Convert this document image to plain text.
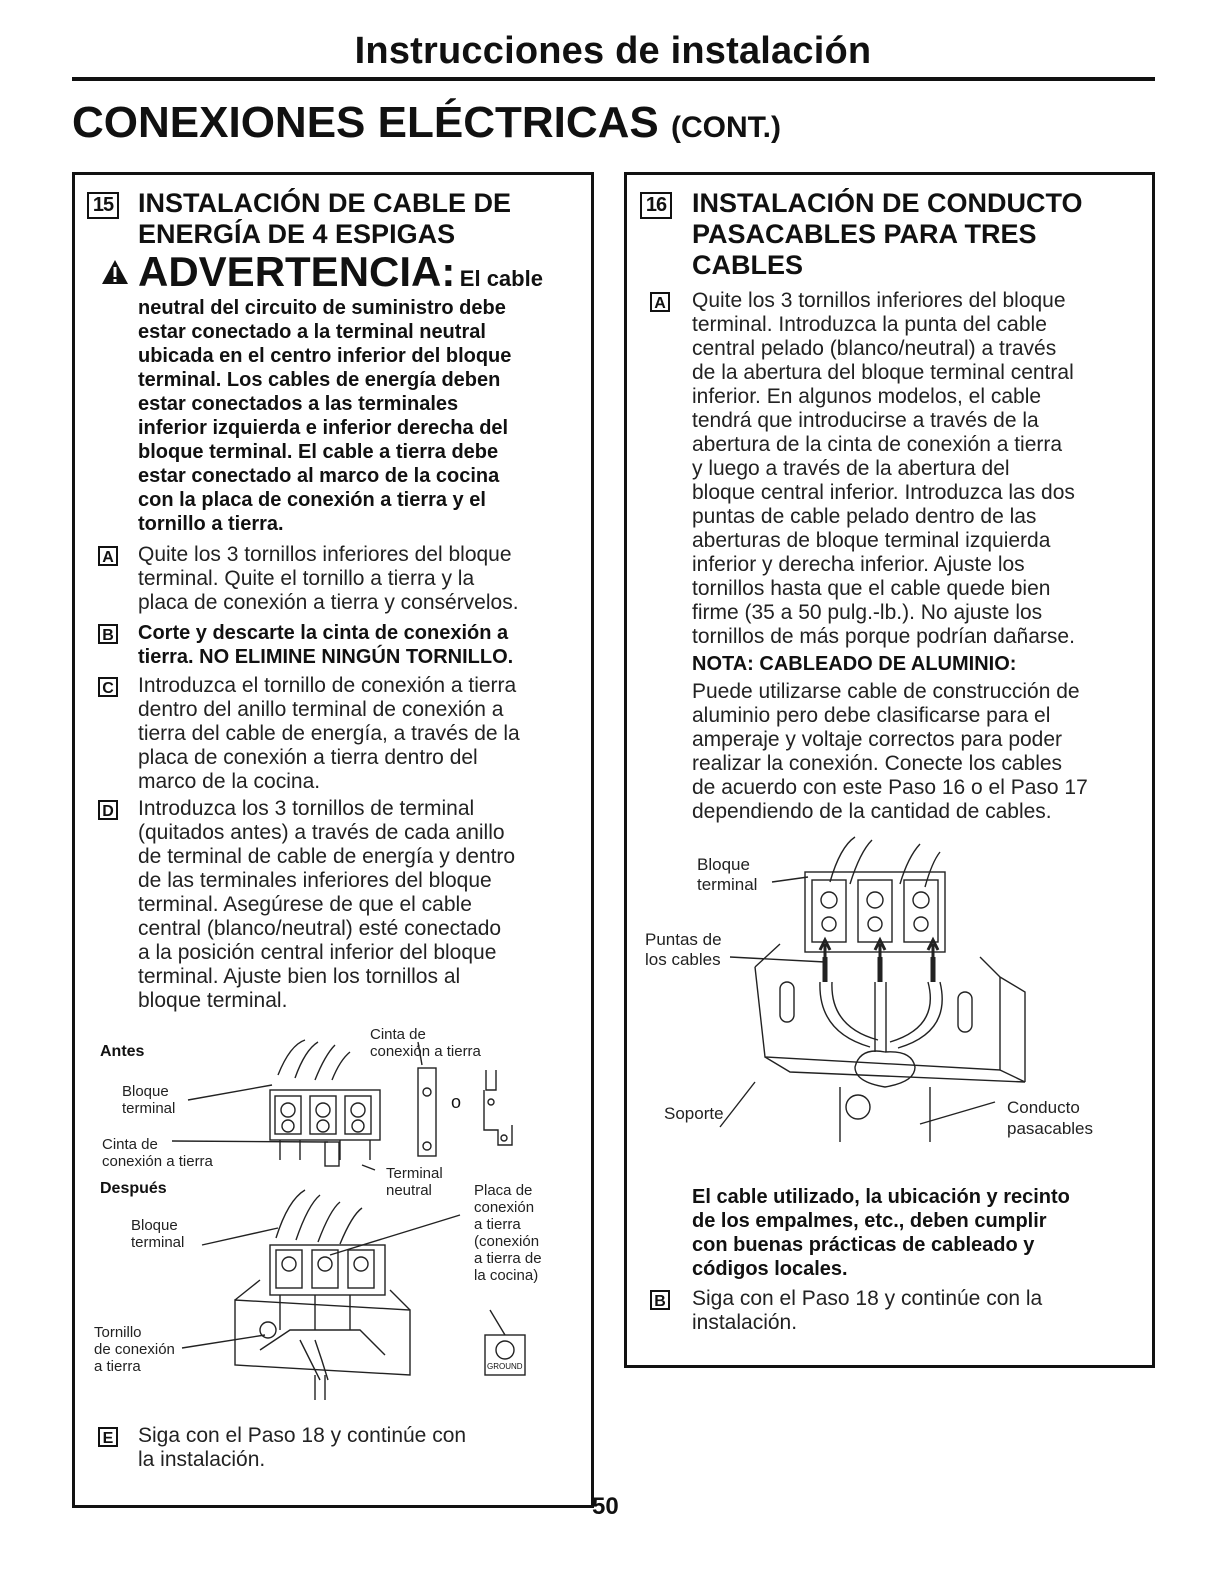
Instrucciones de instalación
CONEXIONES ELÉCTRICAS (CONT.)
15 INSTALACIÓN DE CABLE DE
ENERGÍA DE 4 ESPIGAS
ADVERTENCIA: El cable
neutral del circuito de suministro debe
estar conectado a la terminal neutral
ubicada en el centro inferior del bloque
terminal. Los cables de energía deben
estar conectados a las terminales
inferior izquierda e inferior derecha del
bloque terminal. El cable a tierra debe
estar conectado al marco de la cocina
con la placa de conexión a tierra y el
tornillo a tierra.
A Quite los 3 tornillos inferiores del bloque
terminal. Quite el tornillo a tierra y la
placa de conexión a tierra y consérvelos.
B Corte y descarte la cinta de conexión a
tierra. NO ELIMINE NINGÚN TORNILLO.
C Introduzca el tornillo de conexión a tierra
dentro del anillo terminal de conexión a
tierra del cable de energía, a través de la
placa de conexión a tierra dentro del
marco de la cocina.
D Introduzca los 3 tornillos de terminal
(quitados antes) a través de cada anillo
de terminal de cable de energía y dentro
de las terminales inferiores del bloque
terminal. Asegúrese de que el cable
central (blanco/neutral) esté conectado
a la posición central inferior del bloque
terminal. Ajuste bien los tornillos al
bloque terminal.
Antes
Cinta de
conexión a tierra
Bloque
terminal	o
Cinta de
conexión a tierra
Terminal
neutral
Después	Placa de
conexión
a tierra
(conexión
a tierra de
la cocina)
Bloque
terminal
Tornillo
de conexión
a tierra	GROUND
E Siga con el Paso 18 y continúe con
la instalación.
16 INSTALACIÓN DE CONDUCTO
PASACABLES PARA TRES
CABLES
A Quite los 3 tornillos inferiores del bloque
terminal. Introduzca la punta del cable
central pelado (blanco/neutral) a través
de la abertura del bloque terminal central
inferior. En algunos modelos, el cable
tendrá que introducirse a través de la
abertura de la cinta de conexión a tierra
y luego a través de la abertura del
bloque central inferior. Introduzca las dos
puntas de cable pelado dentro de las
aberturas de bloque terminal izquierda
inferior y derecha inferior. Ajuste los
tornillos hasta que el cable quede bien
firme (35 a 50 pulg.-lb.). No ajuste los
tornillos de más porque podrían dañarse.
NOTA: CABLEADO DE ALUMINIO:
Puede utilizarse cable de construcción de
aluminio pero debe clasificarse para el
amperaje y voltaje correctos para poder
realizar la conexión. Conecte los cables
de acuerdo con este Paso 16 o el Paso 17
dependiendo de la cantidad de cables.
Bloque
terminal
Puntas de
los cables
Soporte	Conducto
pasacables
El cable utilizado, la ubicación y recinto
de los empalmes, etc., deben cumplir
con buenas prácticas de cableado y
códigos locales.
B Siga con el Paso 18 y continúe con la
instalación.
50
